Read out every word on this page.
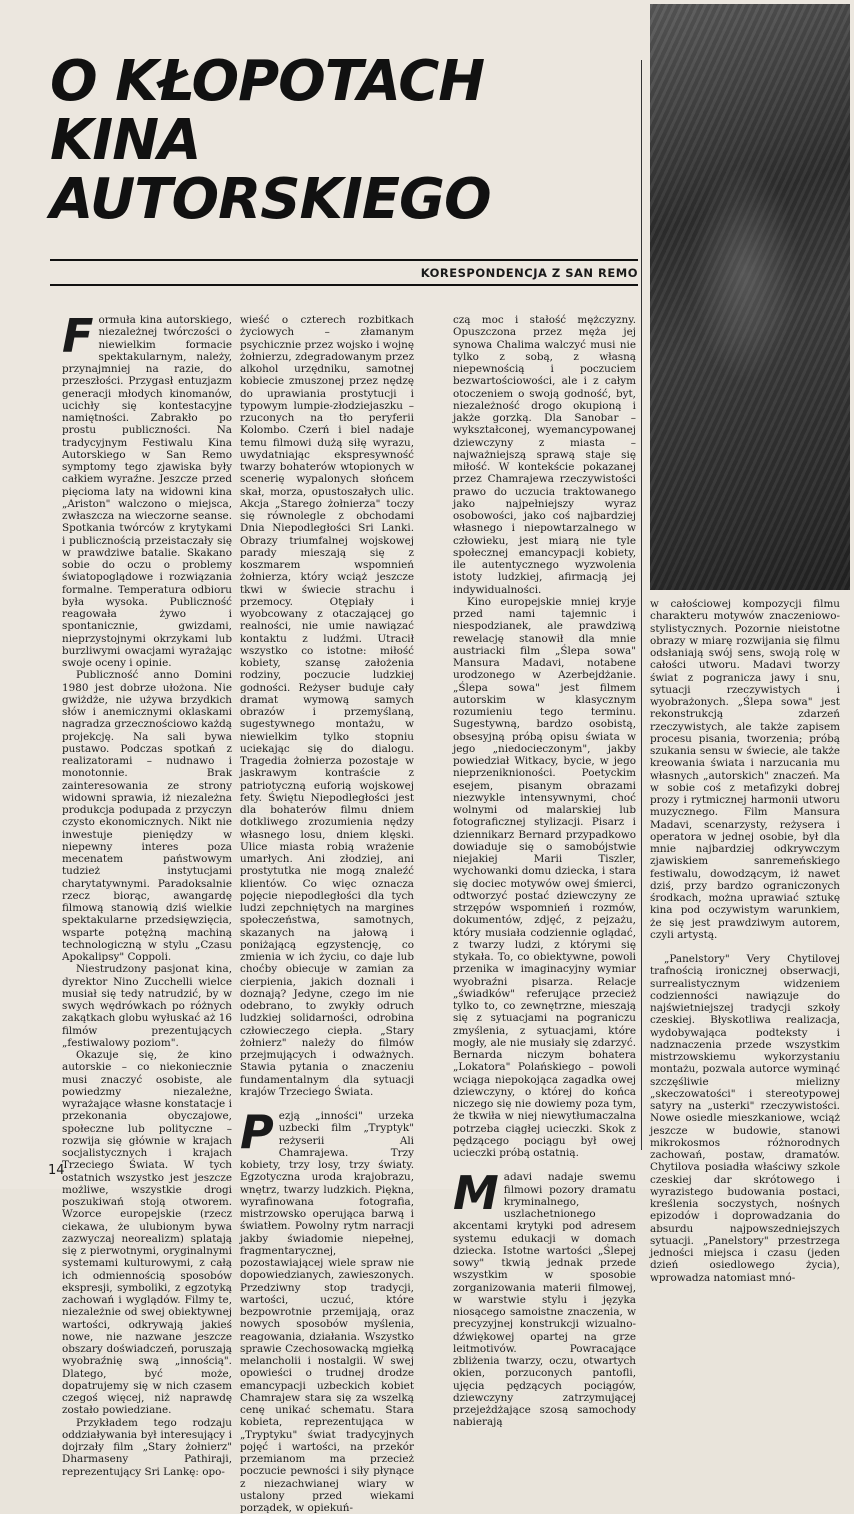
O KŁOPOTACH
KINA
AUTORSKIEGO
KORESPONDENCJA Z SAN REMO

Formuła kina autorskiego, niezależnej twórczości o niewielkim formacie spektakularnym, należy, przynajmniej na razie, do przeszłości. Przygasł entuzjazm generacji młodych kinomanów, ucichły się kontestacyjne namiętności. Zabrakło po prostu publiczności. Na tradycyjnym Festiwalu Kina Autorskiego w San Remo symptomy tego zjawiska były całkiem wyraźne. Jeszcze przed pięcioma laty na widowni kina „Ariston" walczono o miejsca, zwłaszcza na wieczorne seanse. Spotkania twórców z krytykami i publicznością przeistaczały się w prawdziwe batalie. Skakano sobie do oczu o problemy światopoglądowe i rozwiązania formalne. Temperatura odbioru była wysoka. Publiczność reagowała żywo i spontanicznie, gwizdami, nieprzystojnymi okrzykami lub burzliwymi owacjami wyrażając swoje oceny i opinie.

Publiczność anno Domini 1980 jest dobrze ułożona. Nie gwiżdże, nie używa brzydkich słów i anemicznymi oklaskami nagradza grzecznościowo każdą projekcję. Na sali bywa pustawo. Podczas spotkań z realizatorami – nudnawo i monotonnie. Brak zainteresowania ze strony widowni sprawia, iż niezależna produkcja podupada z przyczyn czysto ekonomicznych. Nikt nie inwestuje pieniędzy w niepewny interes poza mecenatem państwowym tudzież instytucjami charytatywnymi. Paradoksalnie rzecz biorąc, awangardę filmową stanowią dziś wielkie spektakularne przedsięwzięcia, wsparte potężną machiną technologiczną w stylu „Czasu Apokalipsy" Coppoli.

Niestrudzony pasjonat kina, dyrektor Nino Zucchelli wielce musiał się tedy natrudzić, by w swych wędrówkach po różnych zakątkach globu wyłuskać aż 16 filmów prezentujących „festiwalowy poziom".

Okazuje się, że kino autorskie – co niekoniecznie musi znaczyć osobiste, ale powiedzmy niezależne, wyrażające własne konstatacje i przekonania obyczajowe, społeczne lub polityczne – rozwija się głównie w krajach socjalistycznych i krajach Trzeciego Świata. W tych ostatnich wszystko jest jeszcze możliwe, wszystkie drogi poszukiwań stoją otworem. Wzorce europejskie (rzecz ciekawa, że ulubionym bywa zazwyczaj neorealizm) splatają się z pierwotnymi, oryginalnymi systemami kulturowymi, z całą ich odmiennością sposobów ekspresji, symboliki, z egzotyką zachowań i wyglądów. Filmy te, niezależnie od swej obiektywnej wartości, odkrywają jakieś nowe, nie nazwane jeszcze obszary doświadczeń, poruszają wyobraźnię swą „innością". Dlatego, być może, dopatrujemy się w nich czasem czegoś więcej, niż naprawdę zostało powiedziane.

Przykładem tego rodzaju oddziaływania był interesujący i dojrzały film „Stary żołnierz" Dharmaseny Pathiraji, reprezentujący Sri Lankę: opo-

wieść o czterech rozbitkach życiowych – złamanym psychicznie przez wojsko i wojnę żołnierzu, zdegradowanym przez alkohol urzędniku, samotnej kobiecie zmuszonej przez nędzę do uprawiania prostytucji i typowym lumpie-złodziejaszku – rzuconych na tło peryferii Kolombo. Czerń i biel nadaje temu filmowi dużą siłę wyrazu, uwydatniając ekspresywność twarzy bohaterów wtopionych w scenerię wypalonych słońcem skał, morza, opustoszałych ulic. Akcja „Starego żołnierza" toczy się równolegle z obchodami Dnia Niepodległości Sri Lanki. Obrazy triumfalnej wojskowej parady mieszają się z koszmarem wspomnień żołnierza, który wciąż jeszcze tkwi w świecie strachu i przemocy. Otępiały i wyobcowany z otaczającej go realności, nie umie nawiązać kontaktu z ludźmi. Utracił wszystko co istotne: miłość kobiety, szansę założenia rodziny, poczucie ludzkiej godności. Reżyser buduje cały dramat wymową samych obrazów i przemyślaną, sugestywnego montażu, w niewielkim tylko stopniu uciekając się do dialogu. Tragedia żołnierza pozostaje w jaskrawym kontraście z patriotyczną euforią wojskowej fety. Świętu Niepodległości jest dla bohaterów filmu dniem dotkliwego zrozumienia nędzy własnego losu, dniem klęski. Ulice miasta robią wrażenie umarłych. Ani złodziej, ani prostytutka nie mogą znaleźć klientów. Co więc oznacza pojęcie niepodległości dla tych ludzi zepchniętych na margines społeczeństwa, samotnych, skazanych na jałową i poniżającą egzystencję, co zmienia w ich życiu, co daje lub choćby obiecuje w zamian za cierpienia, jakich doznali i doznają? Jedyne, czego im nie odebrano, to zwykły odruch ludzkiej solidarności, odrobina człowieczego ciepła. „Stary żołnierz" należy do filmów przejmujących i odważnych. Stawia pytania o znaczeniu fundamentalnym dla sytuacji krajów Trzeciego Świata.

Pezją „inności" urzeka uzbecki film „Tryptyk" reżyserii Ali Chamrajewa. Trzy kobiety, trzy losy, trzy światy. Egzotyczna uroda krajobrazu, wnętrz, twarzy ludzkich. Piękna, wyrafinowana fotografia, mistrzowsko operująca barwą i światłem. Powolny rytm narracji jakby świadomie niepełnej, fragmentarycznej, pozostawiającej wiele spraw nie dopowiedzianych, zawieszonych. Przedziwny stop tradycji, wartości, uczuć, które bezpowrotnie przemijają, oraz nowych sposobów myślenia, reagowania, działania. Wszystko sprawie Czechosowacką mgiełką melancholii i nostalgii. W swej opowieści o trudnej drodze emancypacji uzbeckich kobiet Chamrajew stara się za wszelką cenę unikać schematu. Stara kobieta, reprezentująca w „Tryptyku" świat tradycyjnych pojęć i wartości, na przekór przemianom ma przecież poczucie pewności i siły płynące z niezachwianej wiary w ustalony przed wiekami porządek, w opiekuń-

czą moc i stałość mężczyzny. Opuszczona przez męża jej synowa Chalima walczyć musi nie tylko z sobą, z własną niepewnością i poczuciem bezwartościowości, ale i z całym otoczeniem o swoją godność, byt, niezależność drogo okupioną i jakże gorzką. Dla Sanobar – wykształconej, wyemancypowanej dziewczyny z miasta – najważniejszą sprawą staje się miłość. W kontekście pokazanej przez Chamrajewa rzeczywistości prawo do uczucia traktowanego jako najpełniejszy wyraz osobowości, jako coś najbardziej własnego i niepowtarzalnego w człowieku, jest miarą nie tyle społecznej emancypacji kobiety, ile autentycznego wyzwolenia istoty ludzkiej, afirmacją jej indywidualności.

Kino europejskie mniej kryje przed nami tajemnic i niespodzianek, ale prawdziwą rewelację stanowił dla mnie austriacki film „Ślepa sowa" Mansura Madavi, notabene urodzonego w Azerbejdżanie. „Ślepa sowa" jest filmem autorskim w klasycznym rozumieniu tego terminu. Sugestywną, bardzo osobistą, obsesyjną próbą opisu świata w jego „niedocieczonym", jakby powiedział Witkacy, bycie, w jego nieprzeniknioności. Poetyckim esejem, pisanym obrazami niezwykle intensywnymi, choć wolnymi od malarskiej lub fotograficznej stylizacji. Pisarz i dziennikarz Bernard przypadkowo dowiaduje się o samobójstwie niejakiej Marii Tiszler, wychowanki domu dziecka, i stara się dociec motywów owej śmierci, odtworzyć postać dziewczyny ze strzępów wspomnień i rozmów, dokumentów, zdjęć, z pejzażu, który musiała codziennie oglądać, z twarzy ludzi, z którymi się stykała. To, co obiektywne, powoli przenika w imaginacyjny wymiar wyobraźni pisarza. Relacje „świadków" referujące przecież tylko to, co zewnętrzne, mieszają się z sytuacjami na pograniczu zmyślenia, z sytuacjami, które mogły, ale nie musiały się zdarzyć. Bernarda niczym bohatera „Lokatora" Polańskiego – powoli wciąga niepokojąca zagadka owej dziewczyny, o której do końca niczego się nie dowiemy poza tym, że tkwiła w niej niewytłumaczalna potrzeba ciągłej ucieczki. Skok z pędzącego pociągu był owej ucieczki próbą ostatnią.

Madavi nadaje swemu filmowi pozory dramatu kryminalnego, uszlachetnionego akcentami krytyki pod adresem systemu edukacji w domach dziecka. Istotne wartości „Ślepej sowy" tkwią jednak przede wszystkim w sposobie zorganizowania materii filmowej, w warstwie stylu i języka niosącego samoistne znaczenia, w precyzyjnej konstrukcji wizualno-dźwiękowej opartej na grze leitmotivów. Powracające zbliżenia twarzy, oczu, otwartych okien, porzuconych pantofli, ujęcia pędzących pociągów, dziewczyny zatrzymującej przejeżdżające szosą samochody nabierają

w całościowej kompozycji filmu charakteru motywów znaczeniowo-stylistycznych. Pozornie nieistotne obrazy w miarę rozwijania się filmu odsłaniają swój sens, swoją rolę w całości utworu. Madavi tworzy świat z pogranicza jawy i snu, sytuacji rzeczywistych i wyobrażonych. „Ślepa sowa" jest rekonstrukcją zdarzeń rzeczywistych, ale także zapisem procesu pisania, tworzenia; próbą szukania sensu w świecie, ale także kreowania świata i narzucania mu własnych „autorskich" znaczeń. Ma w sobie coś z metafizyki dobrej prozy i rytmicznej harmonii utworu muzycznego. Film Mansura Madavi, scenarzysty, reżysera i operatora w jednej osobie, był dla mnie najbardziej odkrywczym zjawiskiem sanremeńskiego festiwalu, dowodzącym, iż nawet dziś, przy bardzo ograniczonych środkach, można uprawiać sztukę kina pod oczywistym warunkiem, że się jest prawdziwym autorem, czyli artystą.

„Panelstory" Very Chytilovej trafnością ironicznej obserwacji, surrealistycznym widzeniem codzienności nawiązuje do najświetniejszej tradycji szkoły czeskiej. Błyskotliwa realizacja, wydobywająca podteksty i nadznaczenia przede wszystkim mistrzowskiemu wykorzystaniu montażu, pozwala autorce wyminąć szczęśliwie mielizny „skeczowatości" i stereotypowej satyry na „usterki" rzeczywistości. Nowe osiedle mieszkaniowe, wciąż jeszcze w budowie, stanowi mikrokosmos różnorodnych zachowań, postaw, dramatów. Chytilova posiadła właściwy szkole czeskiej dar skrótowego i wyrazistego budowania postaci, kreślenia soczystych, nośnych epizodów i doprowadzania do absurdu najpowszedniejszych sytuacji. „Panelstory" przestrzega jedności miejsca i czasu (jeden dzień osiedlowego życia), wprowadza natomiast mnó-

14
